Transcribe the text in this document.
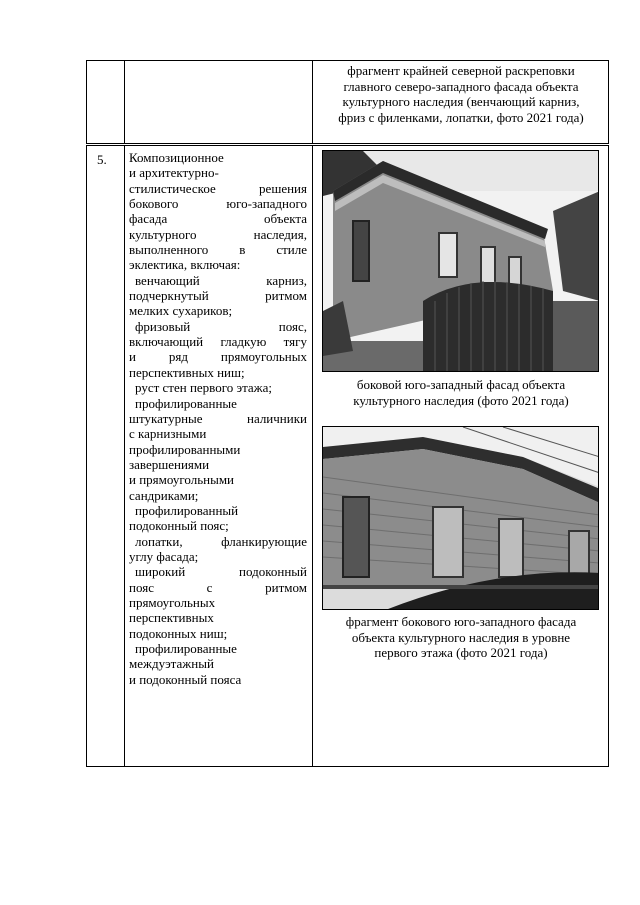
фрагмент крайней северной раскреповки
главного северо-западного фасада объекта
культурного наследия (венчающий карниз,
фриз с филенками, лопатки, фото 2021 года)
5. Композиционное
и архитектурно-
стилистическое решения
бокового юго-западного
фасада объекта
культурного наследия,
выполненного в стиле
эклектика, включая:
венчающий карниз,
подчеркнутый ритмом
мелких сухариков;
фризовый пояс,
включающий гладкую тягу
и ряд прямоугольных
перспективных ниш;
руст стен первого этажа;
профилированные
штукатурные наличники
с карнизными
профилированными
завершениями
и прямоугольными
сандриками;
профилированный
подоконный пояс;
лопатки, фланкирующие
углу фасада;
широкий подоконный
пояс с ритмом
прямоугольных
перспективных
подоконных ниш;
профилированные
междуэтажный
и подоконный пояса
боковой юго-западный фасад объекта
культурного наследия (фото 2021 года)
фрагмент бокового юго-западного фасада
объекта культурного наследия в уровне
первого этажа (фото 2021 года)
